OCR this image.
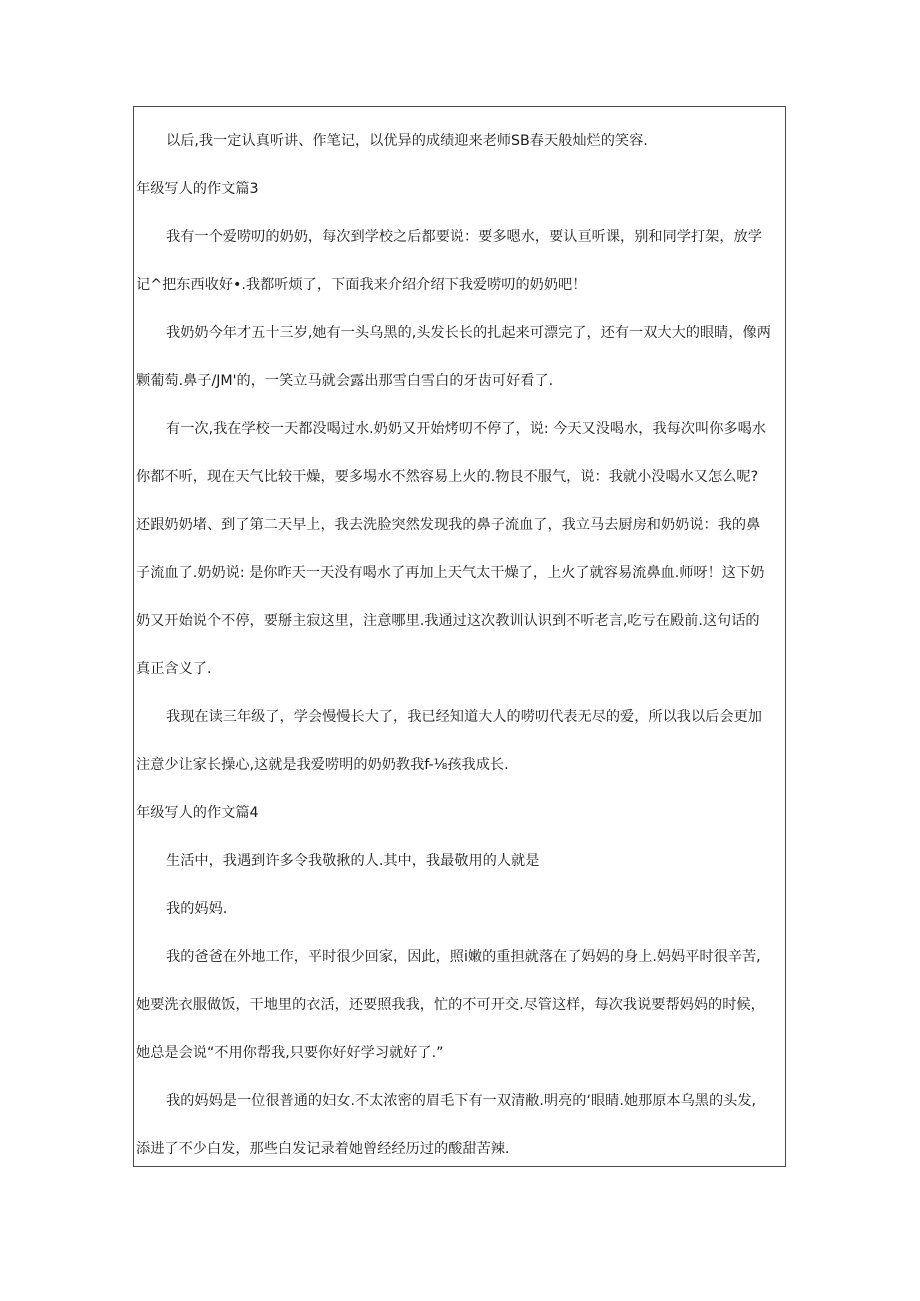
以后,我一定认真听讲、作笔记，以优异的成绩迎来老师SB春天般灿烂的笑容.
年级写人的作文篇3
我有一个爱唠叨的奶奶，每次到学校之后都要说：要多嗯水，要认亘听课，别和同学打架，放学
记^把东西收好•.我都听烦了，下面我来介绍介绍下我爱唠叨的奶奶吧！
我奶奶今年才五十三岁,她有一头乌黑的,头发长长的扎起来可漂完了，还有一双大大的眼睛，像两
颗葡萄.鼻子/JM'的，一笑立马就会露出那雪白雪白的牙齿可好看了.
有一次,我在学校一天都没喝过水.奶奶又开始烤叨不停了，说: 今天又没喝水，我每次叫你多喝水
你都不听，现在天气比较干燥，要多埸水不然容易上火的.物艮不服气，说：我就小没喝水又怎么呢?
还跟奶奶堵、到了第二天早上，我去洗脸突然发现我的鼻子流血了，我立马去厨房和奶奶说：我的鼻
子流血了.奶奶说: 是你昨天一天没有喝水了再加上天气太干燥了，上火了就容易流鼻血.师呀！这下奶
奶又开始说个不停，要掰主寂这里，注意哪里.我通过这次教训认识到不听老言,吃亏在殿前.这句话的
真正含义了.
我现在读三年级了，学会慢慢长大了，我已经知道大人的唠叨代表无尽的爱，所以我以后会更加
注意少让家长操心,这就是我爱唠明的奶奶教我f-⅛孩我成长.
年级写人的作文篇4
生活中，我遇到许多令我敬揪的人.其中，我最敬用的人就是
我的妈妈.
我的爸爸在外地工作，平时很少回家，因此，照i嫩的重担就落在了妈妈的身上.妈妈平时很辛苦,
她要洗衣服做饭，干地里的衣活，还要照我我，忙的不可开交.尽管这样，每次我说要帮妈妈的时候，
她总是会说“不用你帮我,只要你好好学习就好了.”
我的妈妈是一位很普通的妇女.不太浓密的眉毛下有一双清敝.明亮的‘眼睛.她那原本乌黑的头发,
添进了不少白发，那些白发记录着她曾经经历过的酸甜苦辣.
